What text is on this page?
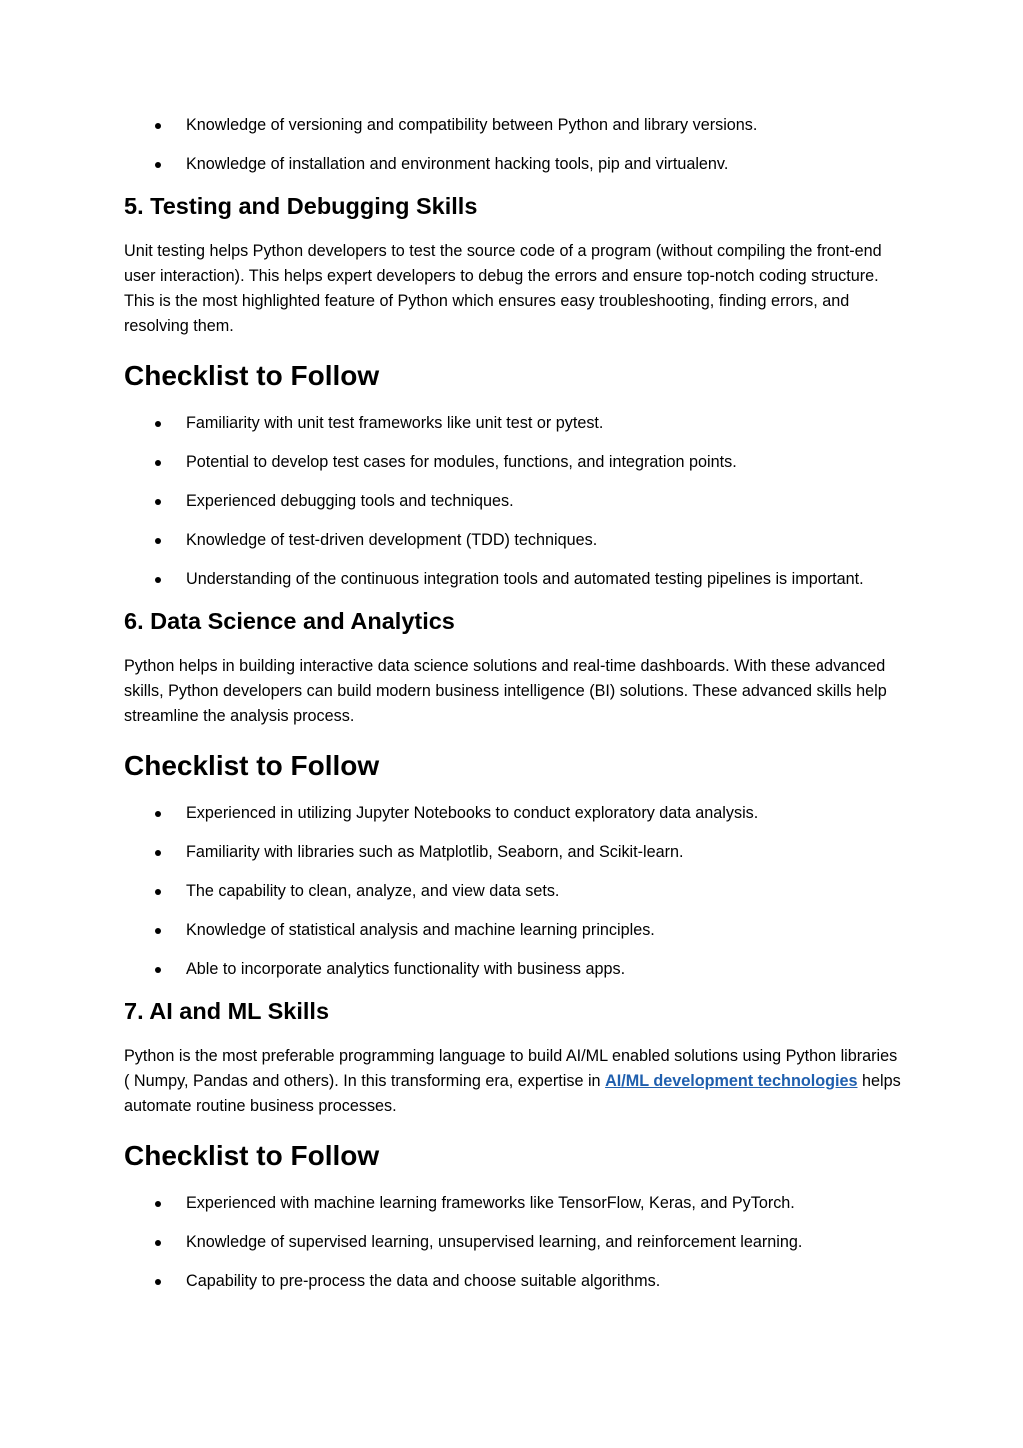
Knowledge of versioning and compatibility between Python and library versions.
Knowledge of installation and environment hacking tools, pip and virtualenv.
5. Testing and Debugging Skills

Unit testing helps Python developers to test the source code of a program (without compiling the front-end user interaction). This helps expert developers to debug the errors and ensure top-notch coding structure. This is the most highlighted feature of Python which ensures easy troubleshooting, finding errors, and resolving them.

Checklist to Follow
Familiarity with unit test frameworks like unit test or pytest.
Potential to develop test cases for modules, functions, and integration points.
Experienced debugging tools and techniques.
Knowledge of test-driven development (TDD) techniques.
Understanding of the continuous integration tools and automated testing pipelines is important.
6. Data Science and Analytics

Python helps in building interactive data science solutions and real-time dashboards. With these advanced skills, Python developers can build modern business intelligence (BI) solutions. These advanced skills help streamline the analysis process.

Checklist to Follow
Experienced in utilizing Jupyter Notebooks to conduct exploratory data analysis.
Familiarity with libraries such as Matplotlib, Seaborn, and Scikit-learn.
The capability to clean, analyze, and view data sets.
Knowledge of statistical analysis and machine learning principles.
Able to incorporate analytics functionality with business apps.
7. AI and ML Skills

Python is the most preferable programming language to build AI/ML enabled solutions using Python libraries ( Numpy, Pandas and others). In this transforming era, expertise in AI/ML development technologies helps automate routine business processes.

Checklist to Follow
Experienced with machine learning frameworks like TensorFlow, Keras, and PyTorch.
Knowledge of supervised learning, unsupervised learning, and reinforcement learning.
Capability to pre-process the data and choose suitable algorithms.
